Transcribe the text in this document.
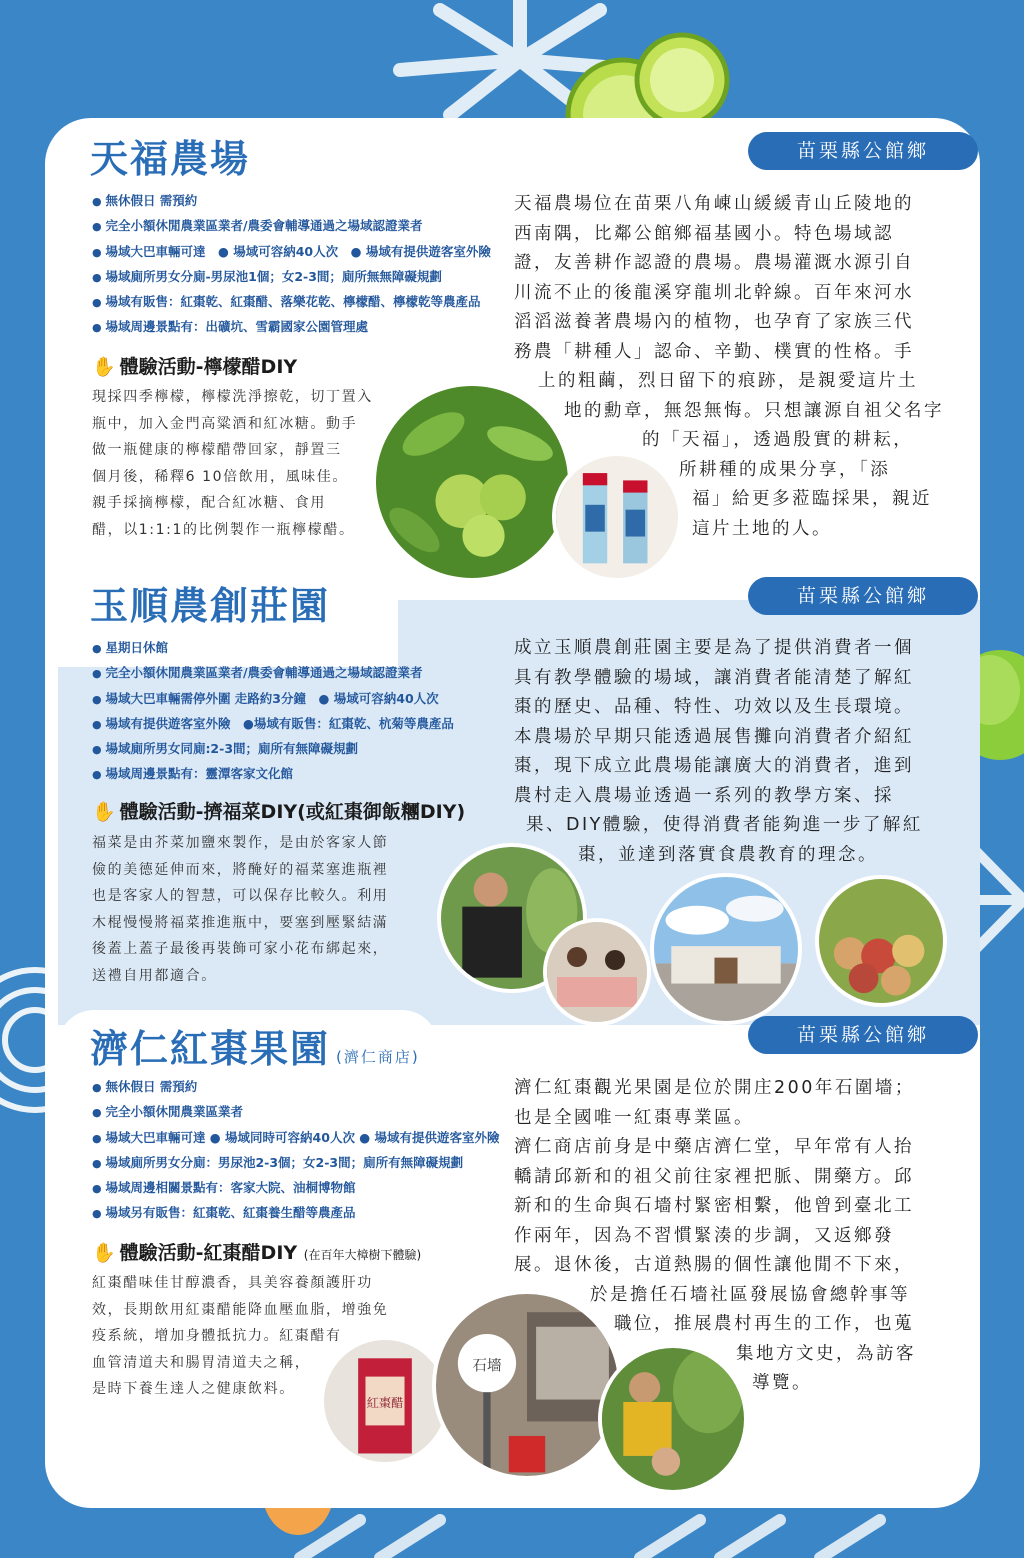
天福農場	苗栗縣公館鄉
● 無休假日 需預約
● 完全小額休閒農業區業者/農委會輔導通過之場域認證業者
● 場域大巴車輛可達　● 場域可容納40人次　● 場域有提供遊客室外險
● 場域廁所男女分廁-男尿池1個；女2-3間；廁所無無障礙規劃
● 場域有販售：紅棗乾、紅棗醋、落樂花乾、檸檬醋、檸檬乾等農產品
● 場域周邊景點有：出礦坑、雪霸國家公園管理處
✋ 體驗活動-檸檬醋DIY
現採四季檸檬，檸檬洗淨擦乾，切丁置入
瓶中，加入金門高粱酒和紅冰糖。動手
做一瓶健康的檸檬醋帶回家，靜置三
個月後，稀釋6 10倍飲用，風味佳。
親手採摘檸檬，配合紅冰糖、食用
醋，以1:1:1的比例製作一瓶檸檬醋。
天福農場位在苗栗八角崠山緩緩青山丘陵地的
西南隅，比鄰公館鄉福基國小。特色場域認
證，友善耕作認證的農場。農場灌溉水源引自
川流不止的後龍溪穿龍圳北幹線。百年來河水
滔滔滋養著農場內的植物，也孕育了家族三代
務農「耕種人」認命、辛勤、樸實的性格。手
上的粗繭，烈日留下的痕跡，是親愛這片土
地的勳章，無怨無悔。只想讓源自祖父名字
的「天福」，透過殷實的耕耘，
所耕種的成果分享，「添
福」給更多蒞臨採果，親近
這片土地的人。
玉順農創莊園	苗栗縣公館鄉
● 星期日休館
● 完全小額休閒農業區業者/農委會輔導通過之場域認證業者
● 場域大巴車輛需停外圍 走路約3分鐘　● 場域可容納40人次
● 場域有提供遊客室外險　●場域有販售：紅棗乾、杭菊等農產品
● 場域廁所男女同廁:2-3間；廁所有無障礙規劃
● 場域周邊景點有：靈潭客家文化館
✋ 體驗活動-擠福菜DIY(或紅棗御飯糰DIY)
福菜是由芥菜加鹽來製作，是由於客家人節
儉的美德延伸而來，將醃好的福菜塞進瓶裡
也是客家人的智慧，可以保存比較久。利用
木棍慢慢將福菜推進瓶中，要塞到壓緊結滿
後蓋上蓋子最後再裝飾可家小花布綁起來，
送禮自用都適合。
成立玉順農創莊園主要是為了提供消費者一個
具有教學體驗的場域，讓消費者能清楚了解紅
棗的歷史、品種、特性、功效以及生長環境。
本農場於早期只能透過展售攤向消費者介紹紅
棗，現下成立此農場能讓廣大的消費者，進到
農村走入農場並透過一系列的教學方案、採
果、DIY體驗，使得消費者能夠進一步了解紅
棗，並達到落實食農教育的理念。
濟仁紅棗果園 (濟仁商店)
苗栗縣公館鄉
● 無休假日 需預約
● 完全小額休閒農業區業者
● 場域大巴車輛可達 ● 場域同時可容納40人次 ● 場域有提供遊客室外險
● 場域廁所男女分廁：男尿池2-3個；女2-3間；廁所有無障礙規劃
● 場域周邊相關景點有：客家大院、油桐博物館
● 場域另有販售：紅棗乾、紅棗養生醋等農產品
✋ 體驗活動-紅棗醋DIY (在百年大樟樹下體驗)
紅棗醋味佳甘醇濃香，具美容養顏護肝功
效，長期飲用紅棗醋能降血壓血脂，增強免
疫系統，增加身體抵抗力。紅棗醋有
血管清道夫和腸胃清道夫之稱，
是時下養生達人之健康飲料。
濟仁紅棗觀光果園是位於開庄200年石圍墻；
也是全國唯一紅棗專業區。
濟仁商店前身是中藥店濟仁堂，早年常有人抬
轎請邱新和的祖父前往家裡把脈、開藥方。邱
新和的生命與石墻村緊密相繫，他曾到臺北工
作兩年，因為不習慣緊湊的步調，又返鄉發
展。退休後，古道熱腸的個性讓他閒不下來，
於是擔任石墻社區發展協會總幹事等
職位，推展農村再生的工作，也蒐
集地方文史，為訪客
導覽。
紅棗醋
石墻
